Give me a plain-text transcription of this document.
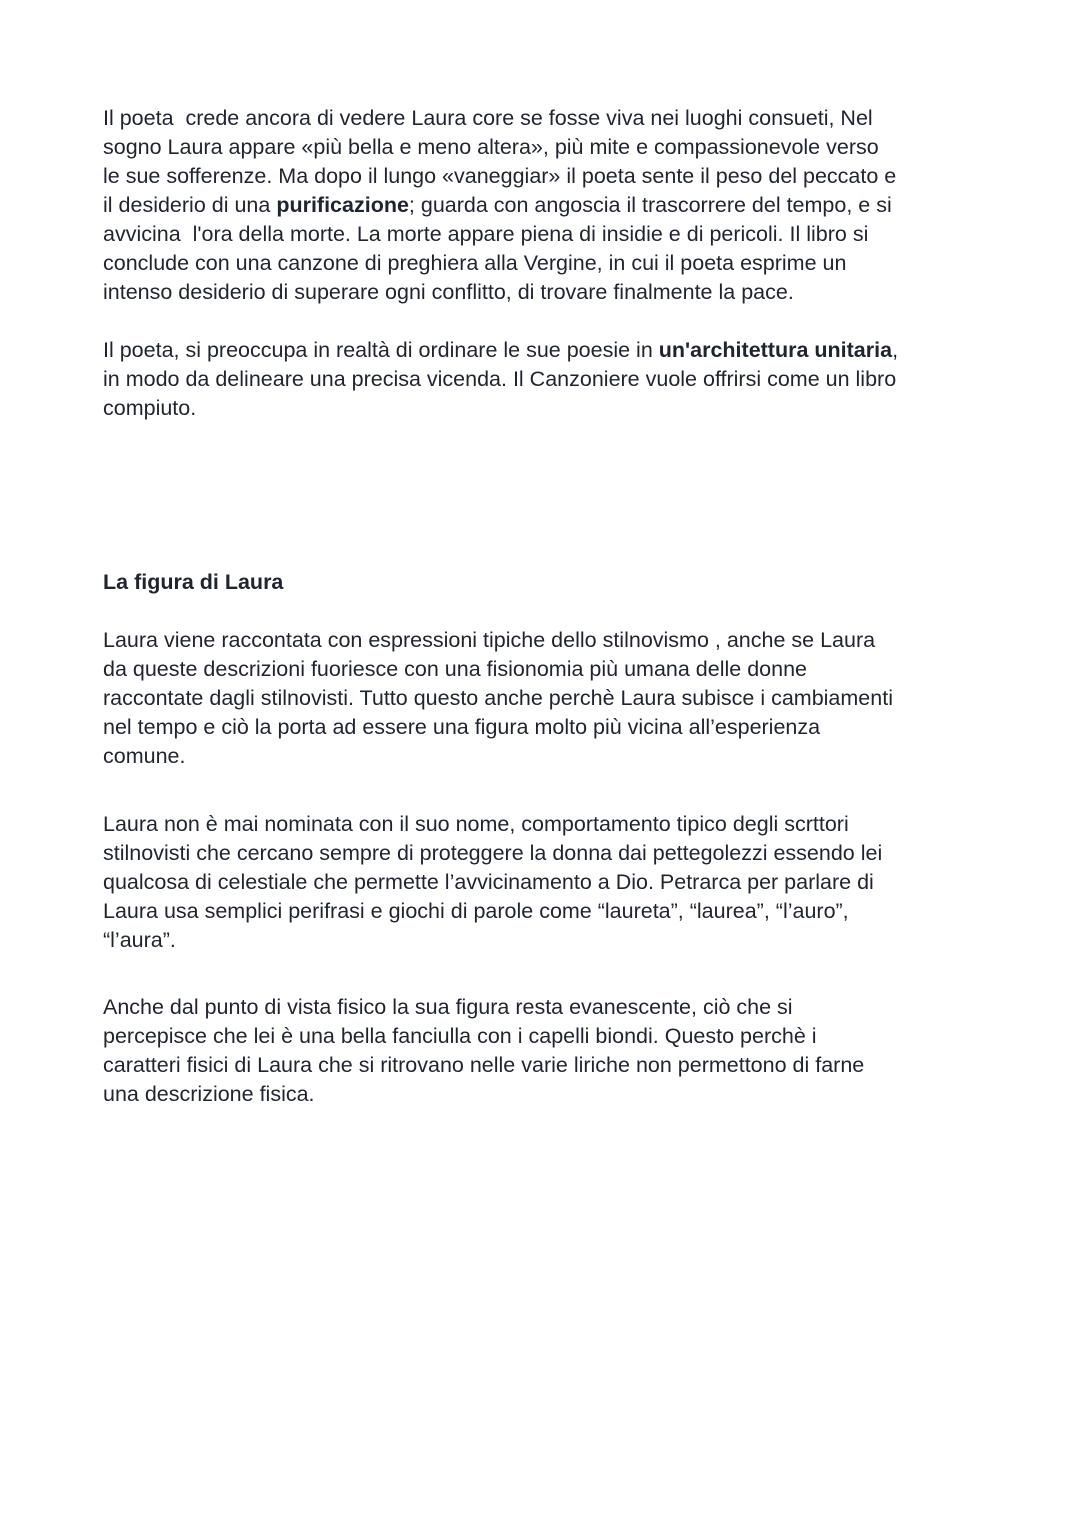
Il poeta  crede ancora di vedere Laura core se fosse viva nei luoghi consueti, Nel
sogno Laura appare «più bella e meno altera», più mite e compassionevole verso
le sue sofferenze. Ma dopo il lungo «vaneggiar» il poeta sente il peso del peccato e
il desiderio di una purificazione; guarda con angoscia il trascorrere del tempo, e si
avvicina  l'ora della morte. La morte appare piena di insidie e di pericoli. Il libro si
conclude con una canzone di preghiera alla Vergine, in cui il poeta esprime un
intenso desiderio di superare ogni conflitto, di trovare finalmente la pace.

Il poeta, si preoccupa in realtà di ordinare le sue poesie in un'architettura unitaria,
in modo da delineare una precisa vicenda. Il Canzoniere vuole offrirsi come un libro
compiuto.

La figura di Laura

Laura viene raccontata con espressioni tipiche dello stilnovismo , anche se Laura
da queste descrizioni fuoriesce con una fisionomia più umana delle donne
raccontate dagli stilnovisti. Tutto questo anche perchè Laura subisce i cambiamenti
nel tempo e ciò la porta ad essere una figura molto più vicina all’esperienza
comune.

Laura non è mai nominata con il suo nome, comportamento tipico degli scrttori
stilnovisti che cercano sempre di proteggere la donna dai pettegolezzi essendo lei
qualcosa di celestiale che permette l’avvicinamento a Dio. Petrarca per parlare di
Laura usa semplici perifrasi e giochi di parole come “laureta”, “laurea”, “l’auro”,
“l’aura”.

Anche dal punto di vista fisico la sua figura resta evanescente, ciò che si
percepisce che lei è una bella fanciulla con i capelli biondi. Questo perchè i
caratteri fisici di Laura che si ritrovano nelle varie liriche non permettono di farne
una descrizione fisica.
